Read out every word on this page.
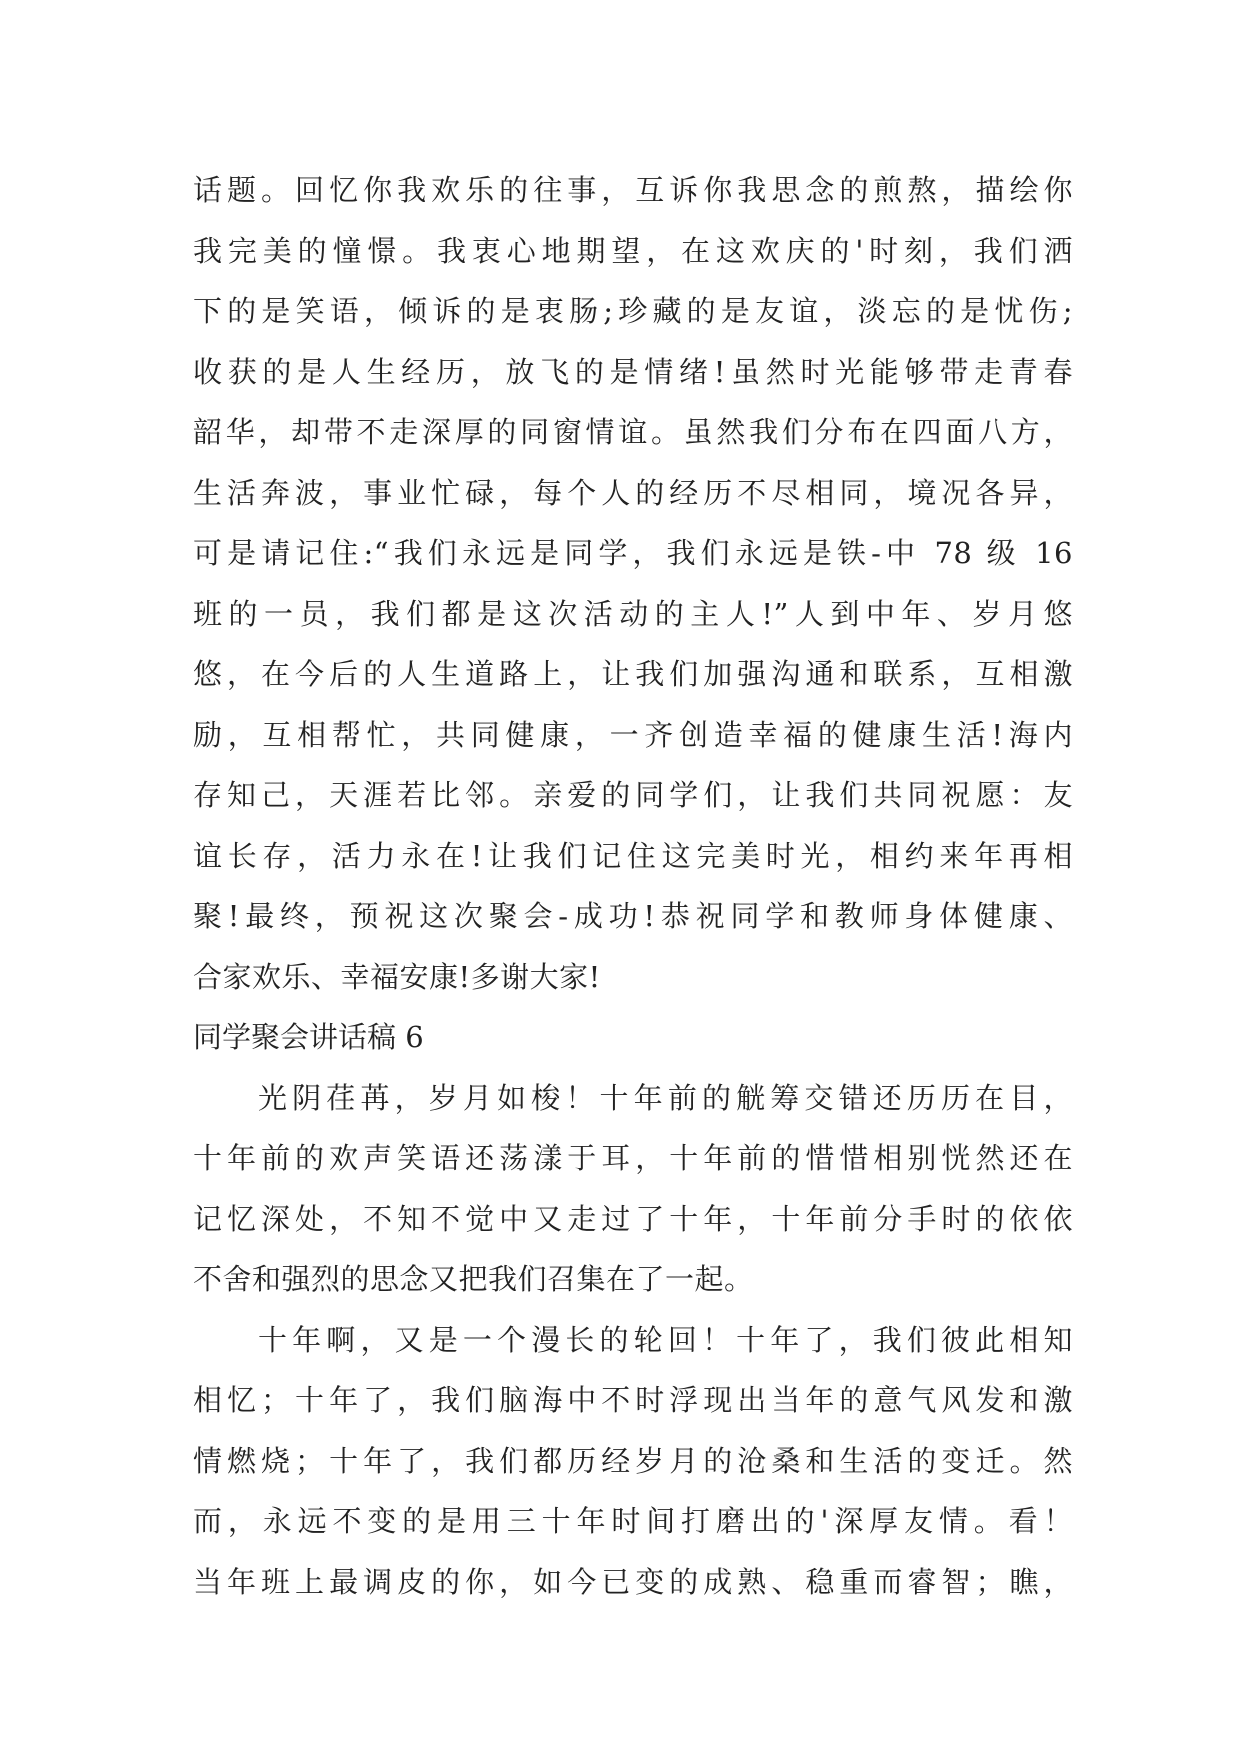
话题。回忆你我欢乐的往事，互诉你我思念的煎熬，描绘你
我完美的憧憬。我衷心地期望，在这欢庆的'时刻，我们洒
下的是笑语，倾诉的是衷肠;珍藏的是友谊，淡忘的是忧伤;
收获的是人生经历，放飞的是情绪!虽然时光能够带走青春
韶华，却带不走深厚的同窗情谊。虽然我们分布在四面八方，
生活奔波，事业忙碌，每个人的经历不尽相同，境况各异，
可是请记住:“我们永远是同学，我们永远是铁-中 78 级 16
班的一员，我们都是这次活动的主人!”人到中年、岁月悠
悠，在今后的人生道路上，让我们加强沟通和联系，互相激
励，互相帮忙，共同健康，一齐创造幸福的健康生活!海内
存知己，天涯若比邻。亲爱的同学们，让我们共同祝愿：友
谊长存，活力永在!让我们记住这完美时光，相约来年再相
聚!最终，预祝这次聚会-成功!恭祝同学和教师身体健康、
合家欢乐、幸福安康!多谢大家!
同学聚会讲话稿 6
光阴荏苒，岁月如梭！十年前的觥筹交错还历历在目，
十年前的欢声笑语还荡漾于耳，十年前的惜惜相别恍然还在
记忆深处，不知不觉中又走过了十年，十年前分手时的依依
不舍和强烈的思念又把我们召集在了一起。
十年啊，又是一个漫长的轮回！十年了，我们彼此相知
相忆；十年了，我们脑海中不时浮现出当年的意气风发和激
情燃烧；十年了，我们都历经岁月的沧桑和生活的变迁。然
而，永远不变的是用三十年时间打磨出的'深厚友情。看！
当年班上最调皮的你，如今已变的成熟、稳重而睿智；瞧，
